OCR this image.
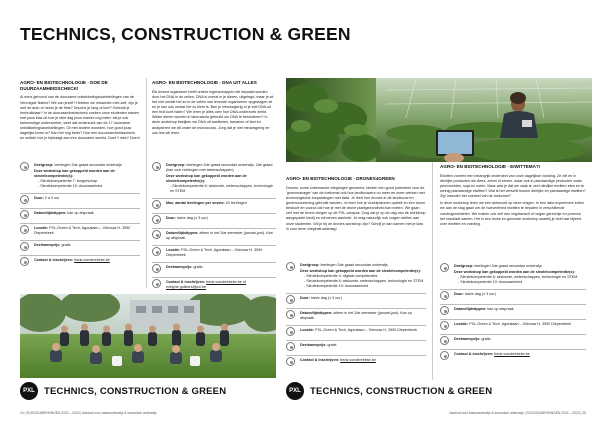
TECHNICS, CONSTRUCTION & GREEN
AGRO- EN BIOTECHNOLOGIE - DOE DE DUURZAAMHEIDSCHECK!

Al eens gehoord van de duurzame ontwikkelingsdoelstellingen van de Verenigde Naties? We van jezelf? Hebben we misschien niet-zelf, zijn je met de auto of neem je de fiets? Douche je lang of kort? Gebruik je herbruikbaar? In de duurzaamheidscheck zoeken onze studenten samen met jouw klas uit hoe je elke dag jouw manier nog beter. als je ook toekomstige onderzoeker, weet dat onderzoek van de 17 duurzame ontwikkelingsdoelstellingen. Of met andere woorden, hoe goed jouw dagelijks leven is? Kan het nog beter? Doe een duurzaamheidsscheck en ontdek hoe je bijdraagt aan een duurzame wereld. Doet 't mee? Doen!

Doelgroep: leerlingen 3de graad secundair onderwijs
Deze workshop kan gekoppeld worden aan de sleutelcompetentie(s):
- Sleutelcompetentie 7: burgerschap
- Sleutelcompetentie 10: duurzaamheid
Duur: 2 à 3 uur
Datum/tijdstippen: kan op afspraak
Locatie: PXL-Green & Tech, Agoralaan – Gebouw H, 3590 Diepenbeek
Deelnameprijs: gratis
Contact & inschrijven: frank.vonderebeke.be
AGRO- EN BIOTECHNOLOGIE - DNA UIT ALLES

Elk levend organisme heeft unieke eigenschappen die bepaald worden door het DNA in de cellen. DNA is overal in je dieren, uitgelegd, maar je zit het niet omdat het zo in de cellen van levende organismen opgeslagen zit en je kan ook omdat het zo klein is. Ben je nieuwsgierig of je zelf DNA uit een fruit kunt halen? We leren je alles over hoe DNA-onderzoek werkt. Welke dieren worden in laboratoria gebruikt om DNA te bestuderen? In deze workshop bekijken we DNA uit aardbeien, bananen of kiwi en analyseren we dit onder de microscoop. Zorg dat je niet nieuwsgierig en ook iets wil leren.

Doelgroep: leerlingen 3de graad secundair onderwijs, 2de graad (kan voor richtingen met wetenschappen)
Deze workshop kan gekoppeld worden aan de sleutelcompetentie(s):
- Sleutelcompetentie 6: wiskunde, wetenschappen, technologie en STEM
Max. aantal leerlingen per sessie: 20 leerlingen
Duur: halve dag (± 3 uur)
Datum/tijdstippen: alleen in het 2de semester (januari-juni). Kan op afspraak
Locatie: PXL-Green & Tech, Agoralaan – Gebouw H, 3590 Diepenbeek
Deelnameprijs: gratis
Contact & inschrijven: frank.vonderebeke.be of evelyne.gulikers@pxl.be
AGRO- EN BIOTECHNOLOGIE - DRONES4GREEN

Drones, soms onbemande vliegtuigen genoemd, bieden een groot potentieel voor de 'groenmanager' van de toekomst ook hoe landbouwers nu meer en meer werken met technologische toepassingen met data. Je leert hoe drones in de landbouw en groenvoorziening gebruikt worden. Je leert hoe je vluchtplannen opstelt en een drone bestuurt en vooral ook hoe je met de drone plantgezondheid kan meten. We gaan zelf met de drone vliegen op de PXL-campus. Zorg dat je op de dag van de workshop aangepaste kledij en schoenen aanhebt. Je mag natuurlijk ook vragen stellen aan onze studenten. Wil je bij de drones-workshop zijn? Schrijf je dan samen met je klas in voor deze vlieginstructiedag!

Doelgroep: leerlingen 3de graad secundair onderwijs
Deze workshop kan gekoppeld worden aan de sleutelcompetentie(s):
- Sleutelcompetentie 4: digitale competenties
- Sleutelcompetentie 6: wiskunde, wetenschappen, technologie en STEM
- Sleutelcompetentie 10: duurzaamheid
Duur: halve dag (± 3 uur)
Datum/tijdstippen: alleen in het 2de semester (januari-juni). Kan op afspraak
Locatie: PXL-Green & Tech, Agoralaan – Gebouw H, 3590 Diepenbeek
Deelnameprijs: gratis
Contact & inschrijven: frank.vonderebeke.be
AGRO- EN BIOTECHNOLOGIE - EIWITTEMA?!

Eiwitten vormen een belangrijk onderdeel van onze dagelijkse voeding. Ze zitt en in dierlijke producten als vlees, zuivel of eieren, maar ook in plantaardige producten zoals peulvruchten, soja en noten. Maar wist je dat we vaak te veel dierlijke eiwitten eten en te weinig plantaardige eiwitten? Wat is het verschil tussen dierlijke en plantaardige eiwitten? Zijn insecten het voedsel van de toekomst?

In deze workshop leren we een antwoord op deze vragen. In een labo-experiment zullen we aan de slag gaan om de hoeveelheid eiwitten te bepalen in verschillende voedingsmiddelen. We maken ook zelf een vegetarisch of vegan gerechtje en proeven het resultaat samen. Het is een leuke en gezonde workshop waarbij je heel wat bijleert over eiwitten en voeding.

Doelgroep: leerlingen 3de graad secundair onderwijs
Deze workshop kan gekoppeld worden aan de sleutelcompetentie(s):
- Sleutelcompetentie 6: wiskunde, wetenschappen, technologie en STEM
- Sleutelcompetentie 10: duurzaamheid
Duur: halve dag (± 3 uur)
Datum/tijdstippen: kan op afspraak
Locatie: PXL-Green & Tech, Agoralaan – Gebouw H, 3590 Diepenbeek
Deelnameprijs: gratis
Contact & inschrijven: frank.vonderebeke.be
PXL TECHNICS, CONSTRUCTION & GREEN	PXL TECHNICS, CONSTRUCTION & GREEN
24 | SCHOOLWERKINGEN 2022 – 2023 | Aanbod voor basisonderwijs & secundair onderwijs	Aanbod voor basisonderwijs & secundair onderwijs | SCHOOLWERKINGEN 2022 – 2023 | 25
